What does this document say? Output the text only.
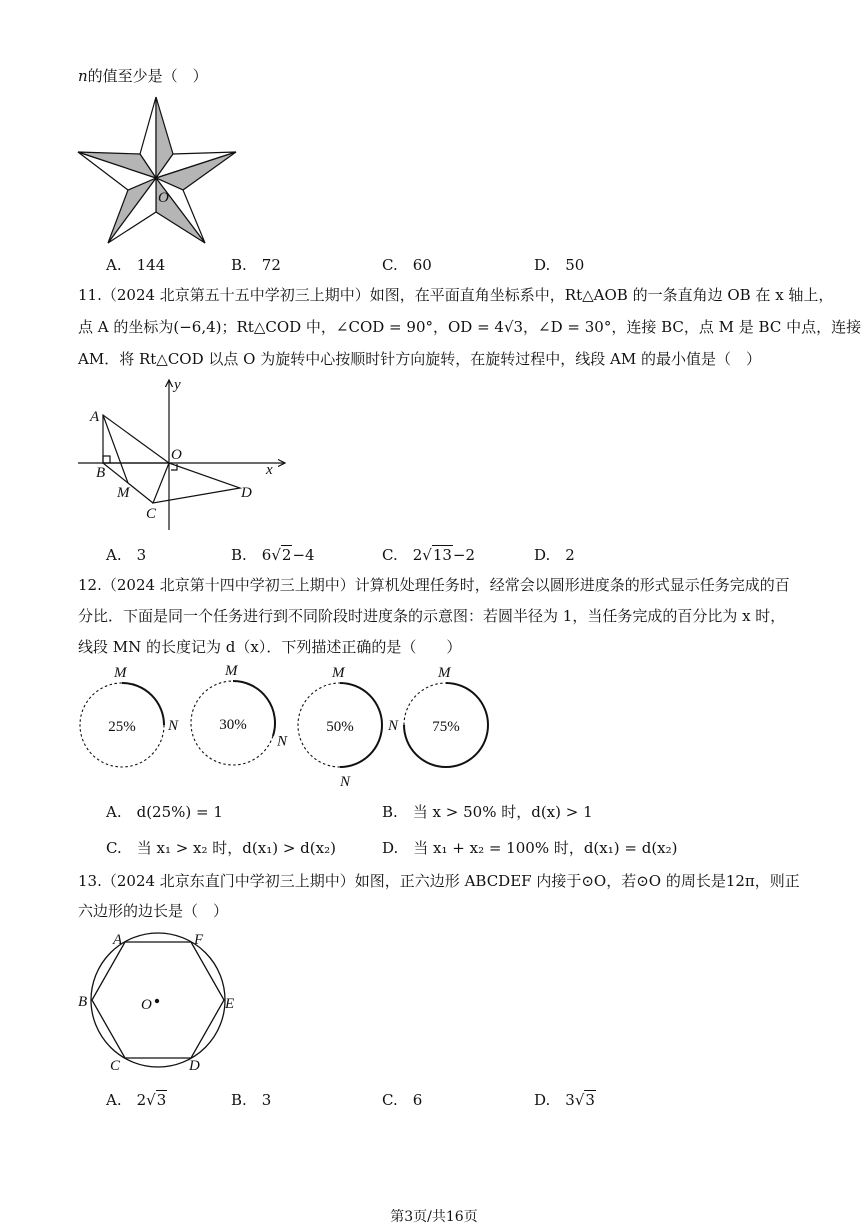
n的值至少是（　）
O
A.　144	B.　72	C.　60	D.　50
11.（2024 北京第五十五中学初三上期中）如图，在平面直角坐标系中，Rt△AOB 的一条直角边 OB 在 x 轴上，
点 A 的坐标为(−6,4)；Rt△COD 中，∠COD = 90°，OD = 4√3，∠D = 30°，连接 BC，点 M 是 BC 中点，连接
AM．将 Rt△COD 以点 O 为旋转中心按顺时针方向旋转，在旋转过程中，线段 AM 的最小值是（　）
y
A
O
x
B
M	D
C
A.　3	B.　6√2−4	C.　2√13−2	D.　2
12.（2024 北京第十四中学初三上期中）计算机处理任务时，经常会以圆形进度条的形式显示任务完成的百
分比．下面是同一个任务进行到不同阶段时进度条的示意图：若圆半径为 1，当任务完成的百分比为 x 时，
线段 MN 的长度记为 d（x）．下列描述正确的是（　　）
M
N
25%
M
N
30%
M
N
50%
M
N 75%
A.　d(25%) = 1	B.　当 x > 50% 时，d(x) > 1
C.　当 x₁ > x₂ 时，d(x₁) > d(x₂)	D.　当 x₁ + x₂ = 100% 时，d(x₁) = d(x₂)
13.（2024 北京东直门中学初三上期中）如图，正六边形 ABCDEF 内接于⊙O，若⊙O 的周长是12π，则正
六边形的边长是（　）
A	F
B	E
O
C	D
A.　2√3	B.　3	C.　6	D.　3√3
第3页/共16页
